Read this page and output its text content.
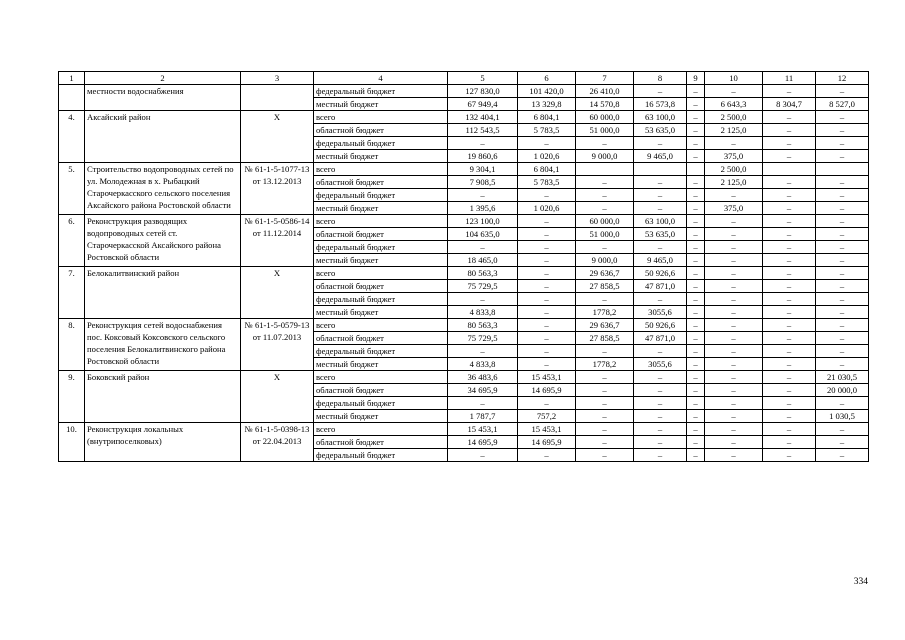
1	2	3	4	5	6	7	8	9	10	11	12
	местности водоснабжения		федеральный бюджет	127 830,0	101 420,0	26 410,0	–	–	–	–	–
			местный бюджет	67 949,4	13 329,8	14 570,8	16 573,8	–	6 643,3	8 304,7	8 527,0
4.	Аксайский район	Х	всего	132 404,1	6 804,1	60 000,0	63 100,0	–	2 500,0	–	–
			областной бюджет	112 543,5	5 783,5	51 000,0	53 635,0	–	2 125,0	–	–
			федеральный бюджет	–	–	–	–	–	–	–	–
			местный бюджет	19 860,6	1 020,6	9 000,0	9 465,0	–	375,0	–	–
5.	Строительство водопроводных сетей по ул. Молодежная в х. Рыбацкий Старочеркасского сельского поселения Аксайского района Ростовской области	№ 61-1-5-1077-13 от 13.12.2013	всего	9 304,1	6 804,1				2 500,0		
			областной бюджет	7 908,5	5 783,5	–	–	–	2 125,0	–	–
			федеральный бюджет	–	–	–	–	–	–	–	–
			местный бюджет	1 395,6	1 020,6	–	–	–	375,0	–	–
6.	Реконструкция разводящих водопроводных сетей ст. Старочеркасской Аксайского района Ростовской области	№ 61-1-5-0586-14 от 11.12.2014	всего	123 100,0	–	60 000,0	63 100,0	–	–	–	–
			областной бюджет	104 635,0	–	51 000,0	53 635,0	–	–	–	–
			федеральный бюджет	–	–	–	–	–	–	–	–
			местный бюджет	18 465,0	–	9 000,0	9 465,0	–	–	–	–
7.	Белокалитвинский район	Х	всего	80 563,3	–	29 636,7	50 926,6	–	–	–	–
			областной бюджет	75 729,5	–	27 858,5	47 871,0	–	–	–	–
			федеральный бюджет	–	–	–	–	–	–	–	–
			местный бюджет	4 833,8	–	1778,2	3055,6	–	–	–	–
8.	Реконструкция сетей водоснабжения пос. Коксовый Коксовского сельского поселения Белокалитвинского района Ростовской области	№ 61-1-5-0579-13 от 11.07.2013	всего	80 563,3	–	29 636,7	50 926,6	–	–	–	–
			областной бюджет	75 729,5	–	27 858,5	47 871,0	–	–	–	–
			федеральный бюджет	–	–	–	–	–	–	–	–
			местный бюджет	4 833,8	–	1778,2	3055,6	–	–	–	–
9.	Боковский район	Х	всего	36 483,6	15 453,1	–	–	–	–	–	21 030,5
			областной бюджет	34 695,9	14 695,9	–	–	–	–	–	20 000,0
			федеральный бюджет	–	–	–	–	–	–	–	–
			местный бюджет	1 787,7	757,2	–	–	–	–	–	1 030,5
10.	Реконструкция локальных (внутрипоселковых)	№ 61-1-5-0398-13 от 22.04.2013	всего	15 453,1	15 453,1	–	–	–	–	–	–
			областной бюджет	14 695,9	14 695,9	–	–	–	–	–	–
			федеральный бюджет	–	–	–	–	–	–	–	–
334
